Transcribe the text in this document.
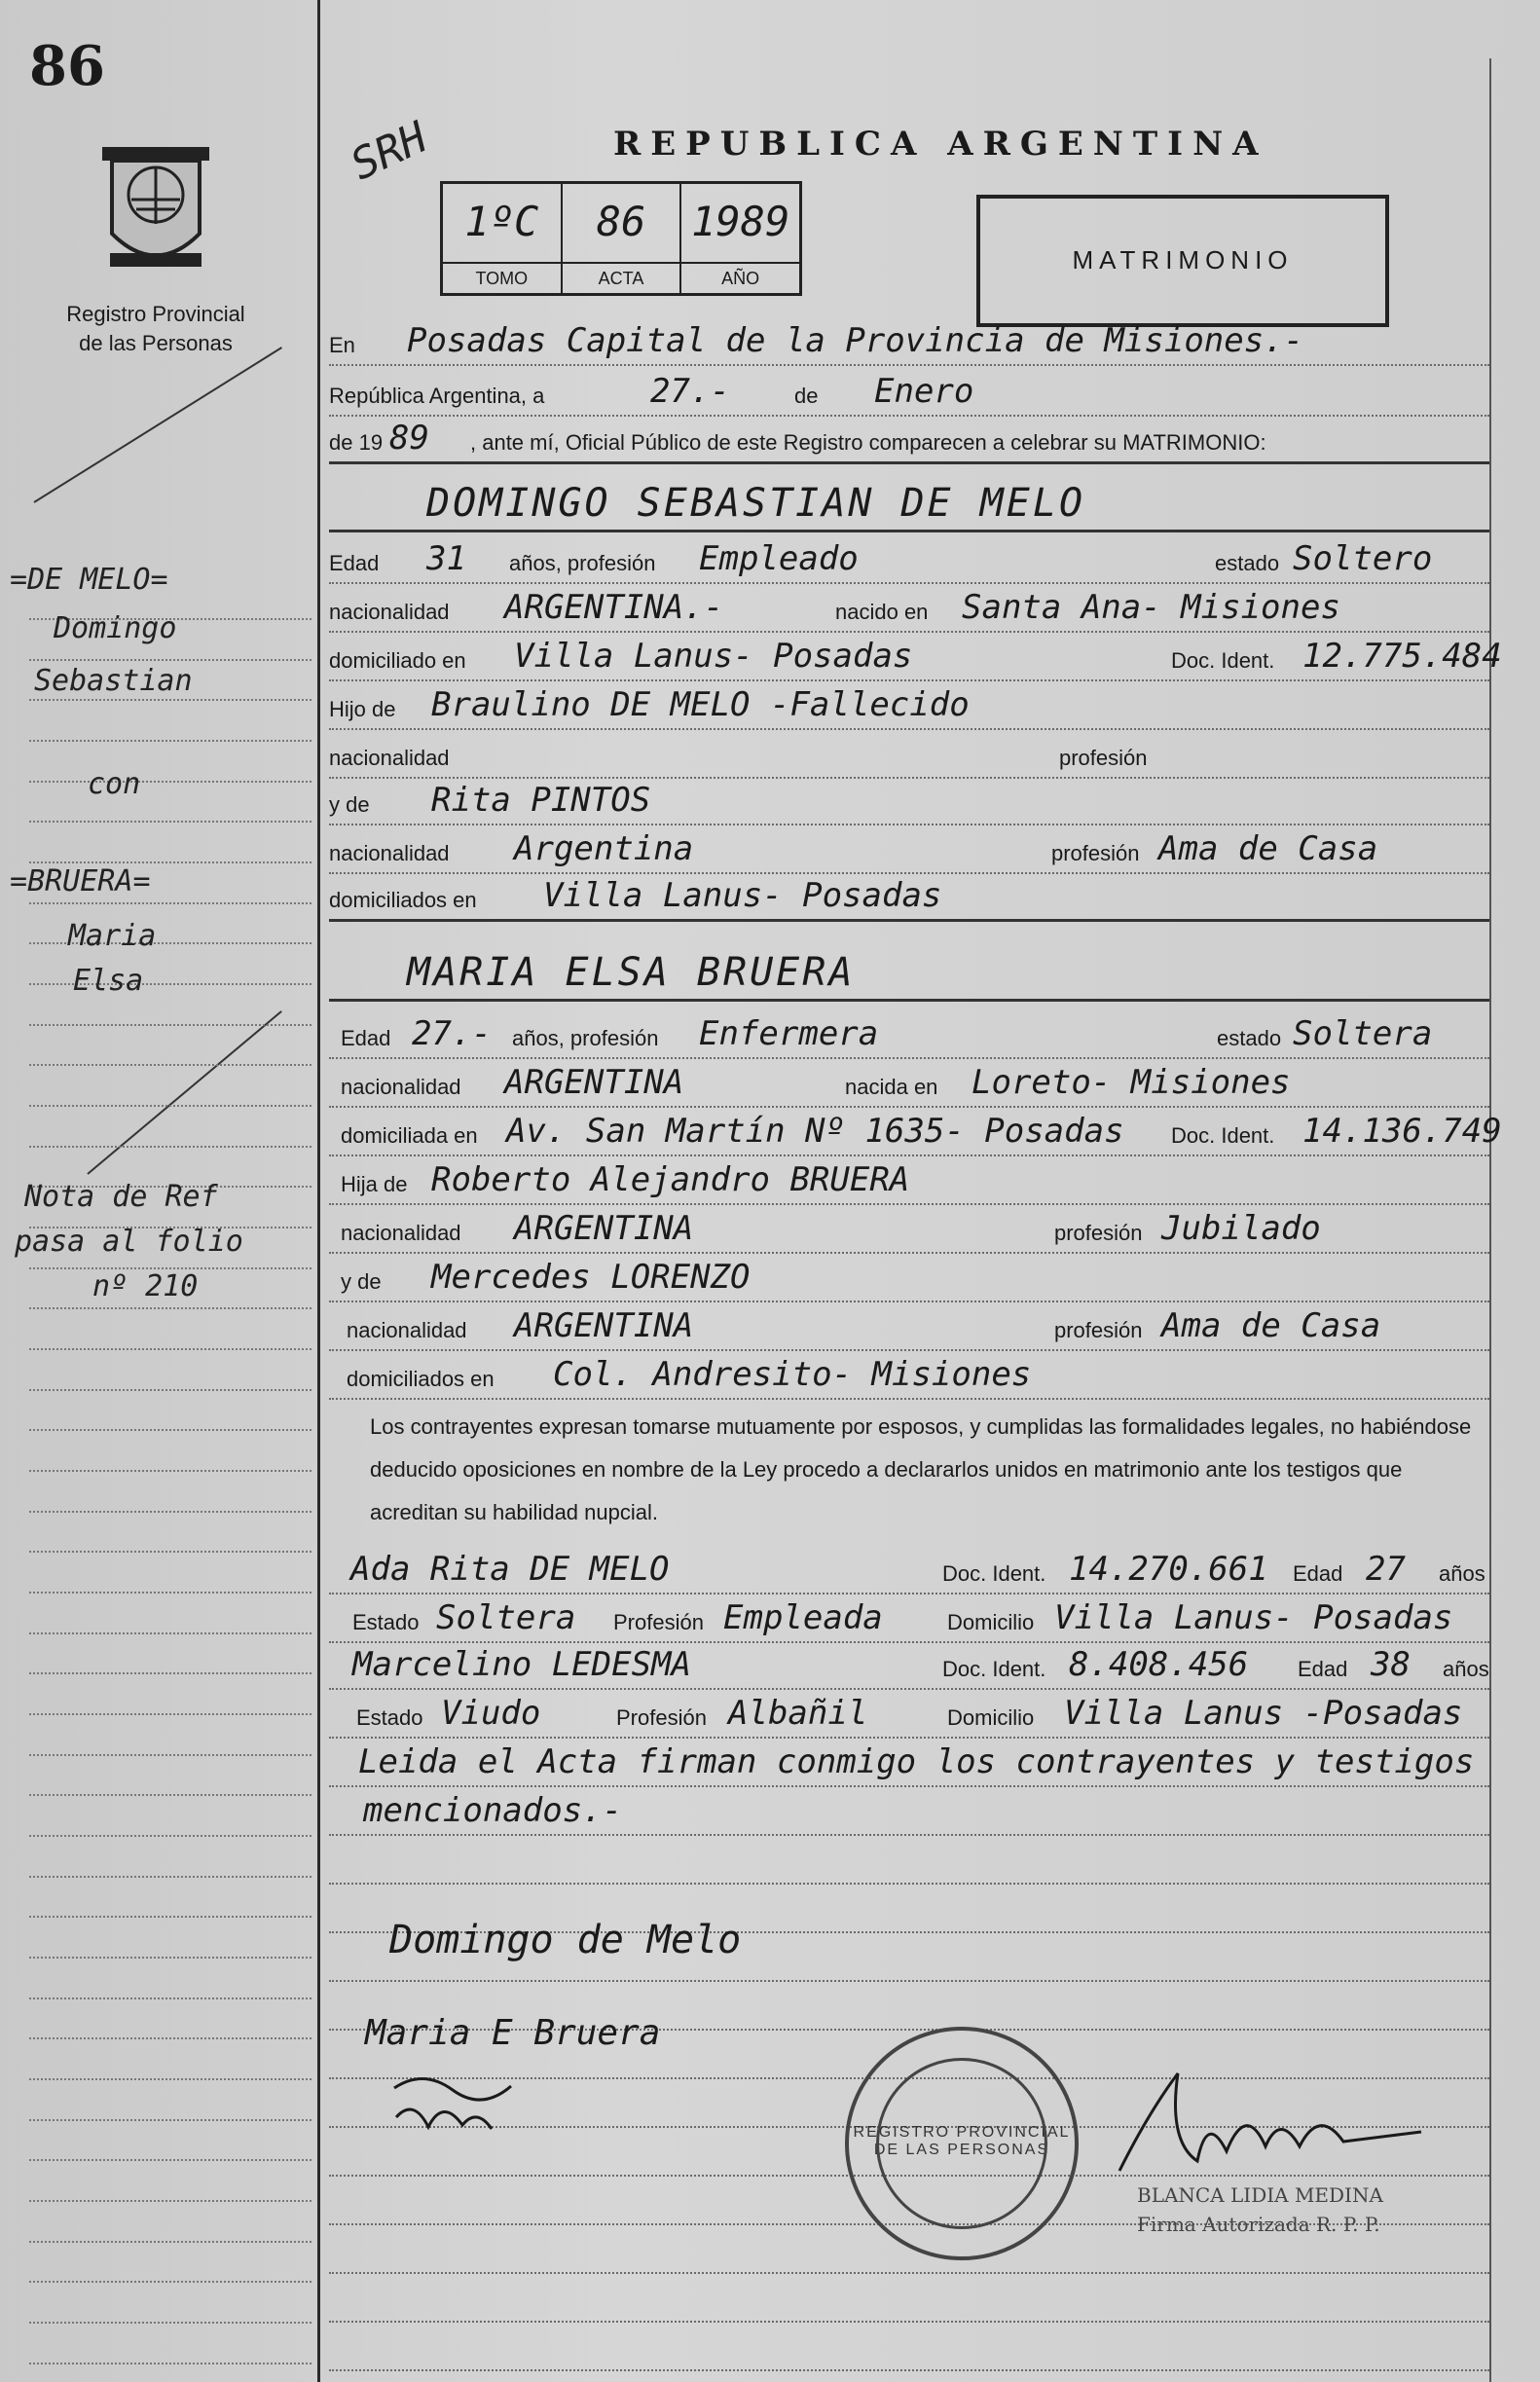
86
Registro Provincial
de las Personas
=DE MELO=
Domingo
Sebastian
con
=BRUERA=
Maria
Elsa
Nota de Ref
pasa al folio
nº 210
SRH	REPUBLICA ARGENTINA
1ºC
TOMO
86
ACTA
1989
AÑO
MATRIMONIO
En Posadas Capital de la Provincia de Misiones.-
República Argentina, a	27.-	de Enero
de 19 89 , ante mí, Oficial Público de este Registro comparecen a celebrar su MATRIMONIO:
DOMINGO SEBASTIAN DE MELO
Edad 31 años, profesión Empleado	estado Soltero
nacionalidad ARGENTINA.-	nacido en Santa Ana- Misiones
domiciliado en Villa Lanus- Posadas	Doc. Ident. 12.775.484
Hijo de Braulino DE MELO -Fallecido
nacionalidad	profesión
y de Rita PINTOS
nacionalidad Argentina	profesión Ama de Casa
domiciliados en Villa Lanus- Posadas
MARIA ELSA BRUERA
Edad 27.- años, profesión Enfermera	estado Soltera
nacionalidad ARGENTINA	nacida en Loreto- Misiones
domiciliada en Av. San Martín Nº 1635- Posadas Doc. Ident. 14.136.749
Hija de Roberto Alejandro BRUERA
nacionalidad ARGENTINA	profesión Jubilado
y de Mercedes LORENZO
nacionalidad ARGENTINA	profesión Ama de Casa
domiciliados en Col. Andresito- Misiones
Los contrayentes expresan tomarse mutuamente por esposos, y cumplidas las formalidades legales, no habiéndose deducido oposiciones en nombre de la Ley procedo a declararlos unidos en matrimonio ante los testigos que acreditan su habilidad nupcial.
Ada Rita DE MELO	Doc. Ident. 14.270.661 Edad 27 años
Estado Soltera Profesión Empleada	Domicilio Villa Lanus- Posadas
Marcelino LEDESMA	Doc. Ident. 8.408.456 Edad 38 años
Estado Viudo	Profesión Albañil	Domicilio Villa Lanus -Posadas
Leida el Acta firman conmigo los contrayentes y testigos
mencionados.-
Domingo de Melo
Maria E Bruera
REGISTRO PROVINCIAL DE LAS PERSONAS
BLANCA LIDIA MEDINA
Firma Autorizada R. P. P.
